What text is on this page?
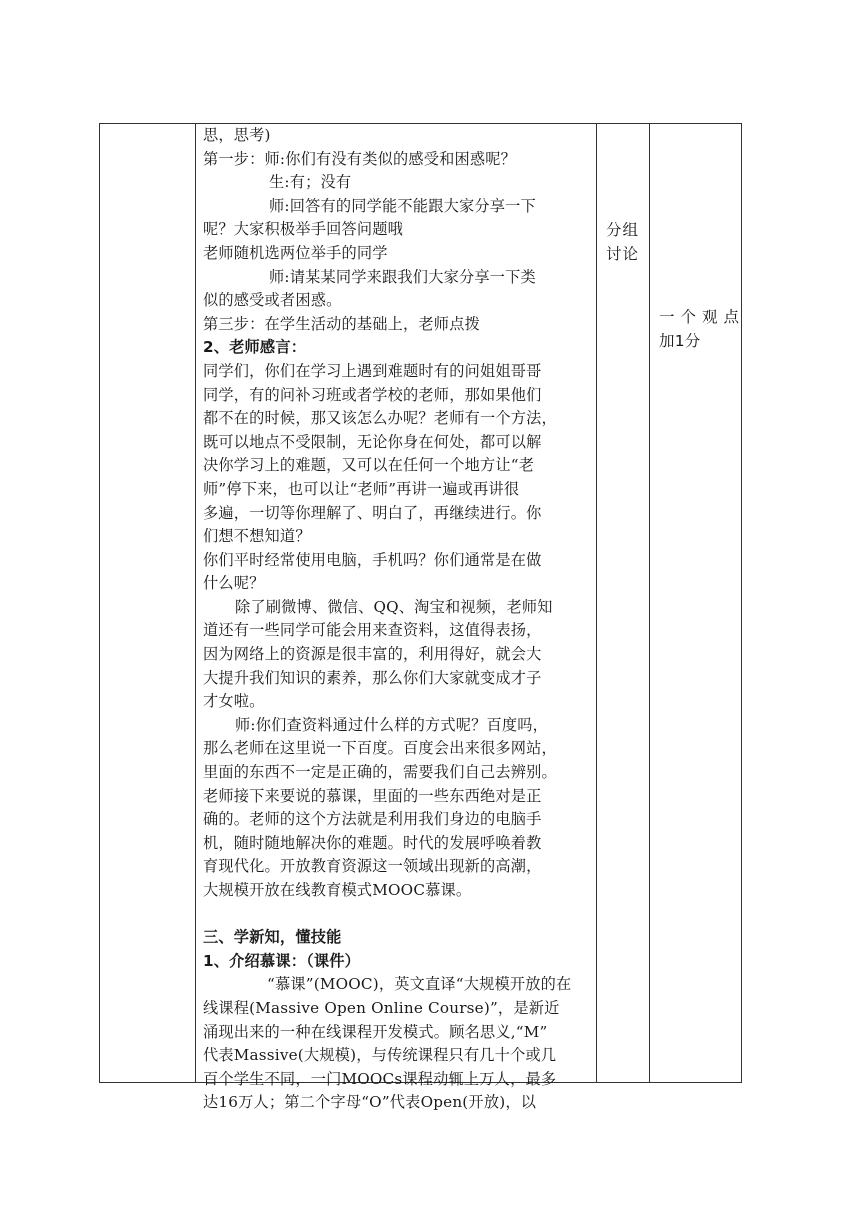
思，思考)
第一步：师:你们有没有类似的感受和困惑呢？
生:有；没有
师:回答有的同学能不能跟大家分享一下
呢？大家积极举手回答问题哦
老师随机选两位举手的同学
师:请某某同学来跟我们大家分享一下类
似的感受或者困惑。
第三步：在学生活动的基础上，老师点拨
2、老师感言：
同学们，你们在学习上遇到难题时有的问姐姐哥哥
同学，有的问补习班或者学校的老师，那如果他们
都不在的时候，那又该怎么办呢？老师有一个方法，
既可以地点不受限制，无论你身在何处，都可以解
决你学习上的难题，又可以在任何一个地方让“老
师”停下来，也可以让“老师”再讲一遍或再讲很
多遍，一切等你理解了、明白了，再继续进行。你
们想不想知道？
你们平时经常使用电脑，手机吗？你们通常是在做
什么呢？
除了刷微博、微信、QQ、淘宝和视频，老师知
道还有一些同学可能会用来查资料，这值得表扬，
因为网络上的资源是很丰富的，利用得好，就会大
大提升我们知识的素养，那么你们大家就变成才子
才女啦。
师:你们查资料通过什么样的方式呢？百度吗，
那么老师在这里说一下百度。百度会出来很多网站，
里面的东西不一定是正确的，需要我们自己去辨别。
老师接下来要说的慕课，里面的一些东西绝对是正
确的。老师的这个方法就是利用我们身边的电脑手
机，随时随地解决你的难题。时代的发展呼唤着教
育现代化。开放教育资源这一领域出现新的高潮，
大规模开放在线教育模式MOOC慕课。
三、学新知，懂技能
1、介绍慕课：（课件）
“慕课”(MOOC)，英文直译“大规模开放的在
线课程(Massive Open Online Course)”，是新近
涌现出来的一种在线课程开发模式。顾名思义,“M”
代表Massive(大规模)，与传统课程只有几十个或几
百个学生不同，一门MOOCs课程动辄上万人，最多
达16万人；第二个字母“O”代表Open(开放)，以
分组
讨论
一个观点
加1分
